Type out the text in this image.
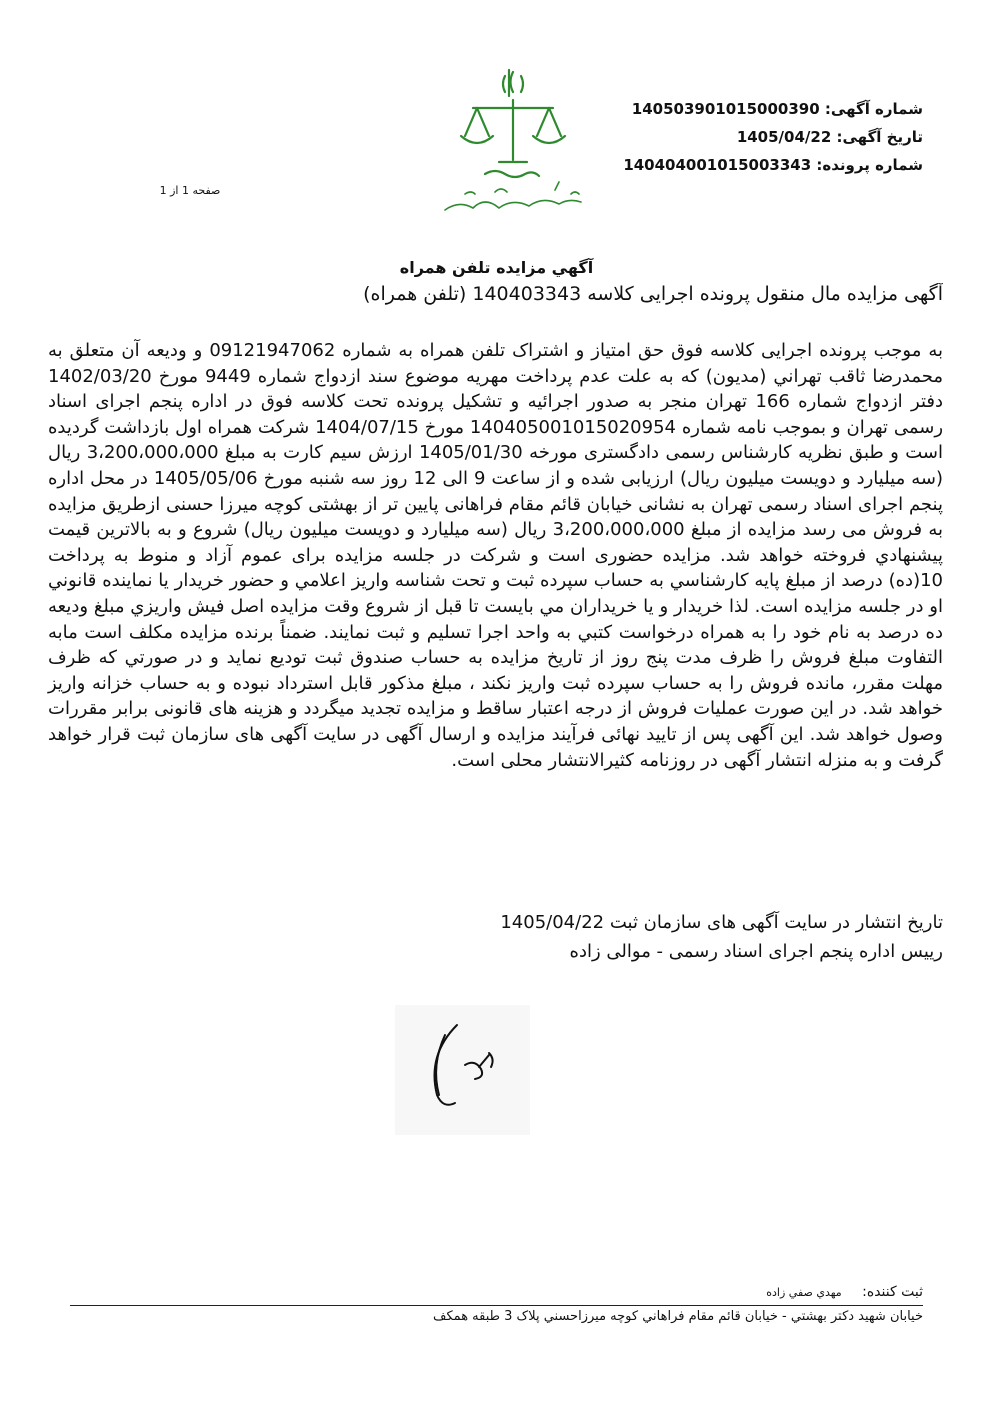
شماره آگهی: 140503901015000390
تاریخ آگهی: 1405/04/22
شماره پرونده: 140404001015003343
صفحه 1 از 1
آگهي مزايده تلفن همراه
آگهی مزایده مال منقول پرونده اجرایی کلاسه 140403343 (تلفن همراه)
به موجب پرونده اجرایی کلاسه فوق حق امتیاز و اشتراک تلفن همراه به شماره 09121947062 و ودیعه آن متعلق به محمدرضا ثاقب تهراني (مديون) که به علت عدم پرداخت مهریه موضوع سند ازدواج شماره 9449 مورخ 1402/03/20 دفتر ازدواج شماره 166 تهران منجر به صدور اجرائیه و تشکیل پرونده تحت کلاسه فوق در اداره پنجم اجرای اسناد رسمی تهران و بموجب نامه شماره 140405001015020954 مورخ 1404/07/15 شرکت همراه اول بازداشت گردیده است و طبق نظریه کارشناس رسمی دادگستری مورخه 1405/01/30 ارزش سیم کارت به مبلغ 3،200،000،000 ریال (سه میلیارد و دویست میلیون ریال) ارزیابی شده و از ساعت 9 الی 12 روز سه شنبه مورخ 1405/05/06 در محل اداره پنجم اجرای اسناد رسمی تهران به نشانی خیابان قائم مقام فراهانی پایین تر از بهشتی کوچه میرزا حسنی ازطریق مزایده به فروش می رسد مزایده از مبلغ 3،200،000،000 ریال (سه میلیارد و دویست میلیون ریال) شروع و به بالاترین قیمت پیشنهادي فروخته خواهد شد. مزایده حضوری است و شرکت در جلسه مزایده برای عموم آزاد و منوط به پرداخت 10(ده) درصد از مبلغ پایه کارشناسي به حساب سپرده ثبت و تحت شناسه واریز اعلامي و حضور خریدار یا نماینده قانوني او در جلسه مزایده است. لذا خریدار و یا خریداران مي بایست تا قبل از شروع وقت مزایده اصل فیش واریزي مبلغ ودیعه ده درصد به نام خود را به همراه درخواست کتبي به واحد اجرا تسلیم و ثبت نمایند. ضمناً برنده مزایده مکلف است مابه التفاوت مبلغ فروش را ظرف مدت پنج روز از تاریخ مزایده به حساب صندوق ثبت تودیع نماید و در صورتي که ظرف مهلت مقرر، مانده فروش را به حساب سپرده ثبت واریز نکند ، مبلغ مذکور قابل استرداد نبوده و به حساب خزانه واریز خواهد شد. در این صورت عملیات فروش از درجه اعتبار ساقط و مزایده تجدید میگردد و هزینه های قانونی برابر مقررات وصول خواهد شد. این آگهی پس از تایید نهائی فرآیند مزایده و ارسال آگهی در سایت آگهی های سازمان ثبت قرار خواهد گرفت و به منزله انتشار آگهی در روزنامه کثیرالانتشار محلی است.
تاریخ انتشار در سایت آگهی های سازمان ثبت 1405/04/22
رییس اداره پنجم اجرای اسناد رسمی - موالی زاده
ثبت کننده: مهدي صفي زاده
خيابان شهيد دکتر بهشتي - خيابان قائم مقام فراهاني کوچه ميرزاحسني پلاک 3 طبقه همکف
